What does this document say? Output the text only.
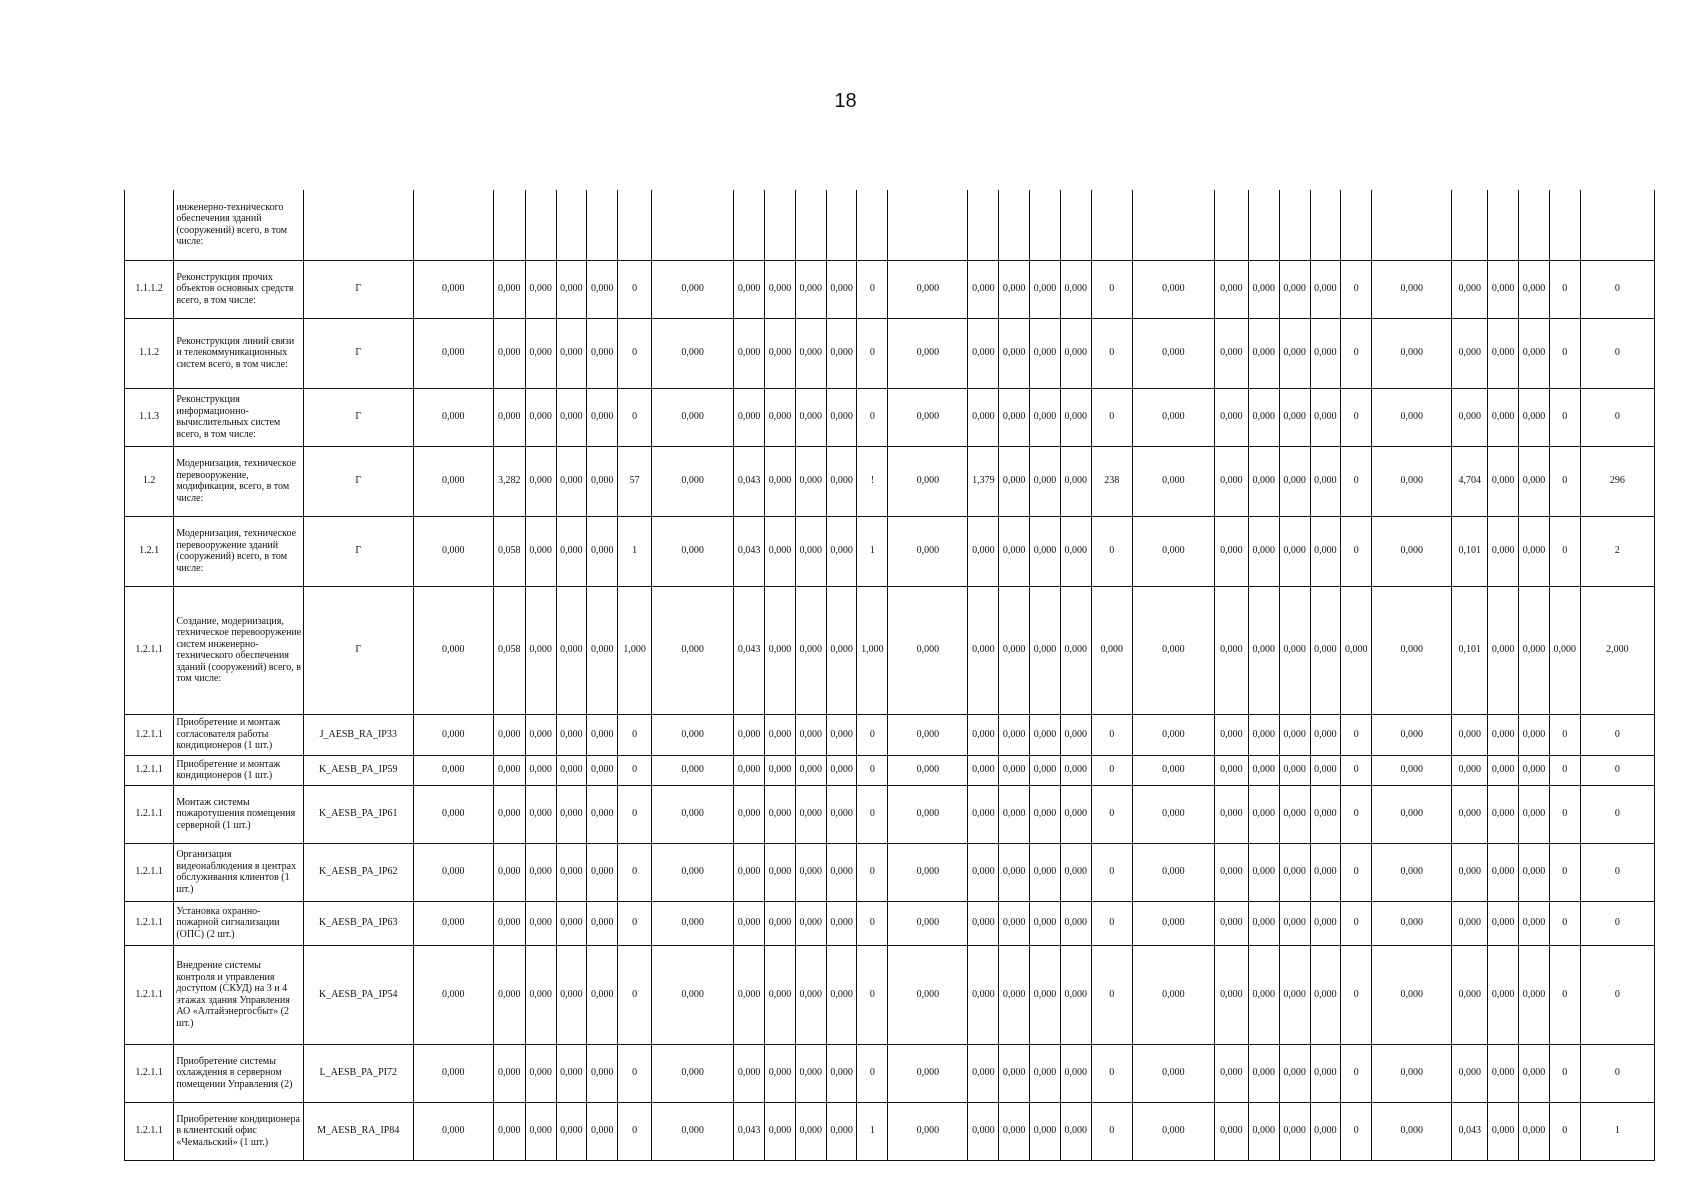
18
	инженерно-технического обеспечения зданий (сооружений) всего, в том числе:																															
1.1.1.2	Реконструкция прочих объектов основных средств всего, в том числе:	Г	0,000	0,000	0,000	0,000	0,000	0	0,000	0,000	0,000	0,000	0,000	0	0,000	0,000	0,000	0,000	0,000	0	0,000	0,000	0,000	0,000	0,000	0	0,000	0,000	0,000	0,000	0	0
1.1.2	Реконструкция линий связи и телекоммуникационных систем всего, в том числе:	Г	0,000	0,000	0,000	0,000	0,000	0	0,000	0,000	0,000	0,000	0,000	0	0,000	0,000	0,000	0,000	0,000	0	0,000	0,000	0,000	0,000	0,000	0	0,000	0,000	0,000	0,000	0	0
1.1.3	Реконструкция информационно-вычислительных систем всего, в том числе:	Г	0,000	0,000	0,000	0,000	0,000	0	0,000	0,000	0,000	0,000	0,000	0	0,000	0,000	0,000	0,000	0,000	0	0,000	0,000	0,000	0,000	0,000	0	0,000	0,000	0,000	0,000	0	0
1.2	Модернизация, техническое перевооружение, модификация, всего, в том числе:	Г	0,000	3,282	0,000	0,000	0,000	57	0,000	0,043	0,000	0,000	0,000	!	0,000	1,379	0,000	0,000	0,000	238	0,000	0,000	0,000	0,000	0,000	0	0,000	4,704	0,000	0,000	0	296
1.2.1	Модернизация, техническое перевооружение зданий (сооружений) всего, в том числе:	Г	0,000	0,058	0,000	0,000	0,000	1	0,000	0,043	0,000	0,000	0,000	1	0,000	0,000	0,000	0,000	0,000	0	0,000	0,000	0,000	0,000	0,000	0	0,000	0,101	0,000	0,000	0	2
1.2.1.1	Создание, модернизация, техническое перевооружение систем инженерно-технического обеспечения зданий (сооружений) всего, в том числе:	Г	0,000	0,058	0,000	0,000	0,000	1,000	0,000	0,043	0,000	0,000	0,000	1,000	0,000	0,000	0,000	0,000	0,000	0,000	0,000	0,000	0,000	0,000	0,000	0,000	0,000	0,101	0,000	0,000	0,000	2,000
1.2.1.1	Приобретение и монтаж согласователя работы кондиционеров (1 шт.)	J_AESB_RA_IP33	0,000	0,000	0,000	0,000	0,000	0	0,000	0,000	0,000	0,000	0,000	0	0,000	0,000	0,000	0,000	0,000	0	0,000	0,000	0,000	0,000	0,000	0	0,000	0,000	0,000	0,000	0	0
1.2.1.1	Приобретение и монтаж кондиционеров (1 шт.)	K_AESB_PA_IP59	0,000	0,000	0,000	0,000	0,000	0	0,000	0,000	0,000	0,000	0,000	0	0,000	0,000	0,000	0,000	0,000	0	0,000	0,000	0,000	0,000	0,000	0	0,000	0,000	0,000	0,000	0	0
1.2.1.1	Монтаж системы пожаротушения помещения серверной (1 шт.)	K_AESB_PA_IP61	0,000	0,000	0,000	0,000	0,000	0	0,000	0,000	0,000	0,000	0,000	0	0,000	0,000	0,000	0,000	0,000	0	0,000	0,000	0,000	0,000	0,000	0	0,000	0,000	0,000	0,000	0	0
1.2.1.1	Организация видеонаблюдения в центрах обслуживания клиентов (1 шт.)	K_AESB_PA_IP62	0,000	0,000	0,000	0,000	0,000	0	0,000	0,000	0,000	0,000	0,000	0	0,000	0,000	0,000	0,000	0,000	0	0,000	0,000	0,000	0,000	0,000	0	0,000	0,000	0,000	0,000	0	0
1.2.1.1	Установка охранно-пожарной сигнализации (ОПС) (2 шт.)	K_AESB_PA_IP63	0,000	0,000	0,000	0,000	0,000	0	0,000	0,000	0,000	0,000	0,000	0	0,000	0,000	0,000	0,000	0,000	0	0,000	0,000	0,000	0,000	0,000	0	0,000	0,000	0,000	0,000	0	0
1.2.1.1	Внедрение системы контроля и управления доступом (СКУД) на 3 и 4 этажах здания Управления АО «Алтайэнергосбыт» (2 шт.)	K_AESB_PA_IP54	0,000	0,000	0,000	0,000	0,000	0	0,000	0,000	0,000	0,000	0,000	0	0,000	0,000	0,000	0,000	0,000	0	0,000	0,000	0,000	0,000	0,000	0	0,000	0,000	0,000	0,000	0	0
1.2.1.1	Приобретение системы охлаждения в серверном помещении Управления (2)	L_AESB_PA_PI72	0,000	0,000	0,000	0,000	0,000	0	0,000	0,000	0,000	0,000	0,000	0	0,000	0,000	0,000	0,000	0,000	0	0,000	0,000	0,000	0,000	0,000	0	0,000	0,000	0,000	0,000	0	0
1.2.1.1	Приобретение кондиционера в клиентский офис «Чемальский» (1 шт.)	M_AESB_RA_IP84	0,000	0,000	0,000	0,000	0,000	0	0,000	0,043	0,000	0,000	0,000	1	0,000	0,000	0,000	0,000	0,000	0	0,000	0,000	0,000	0,000	0,000	0	0,000	0,043	0,000	0,000	0	1
